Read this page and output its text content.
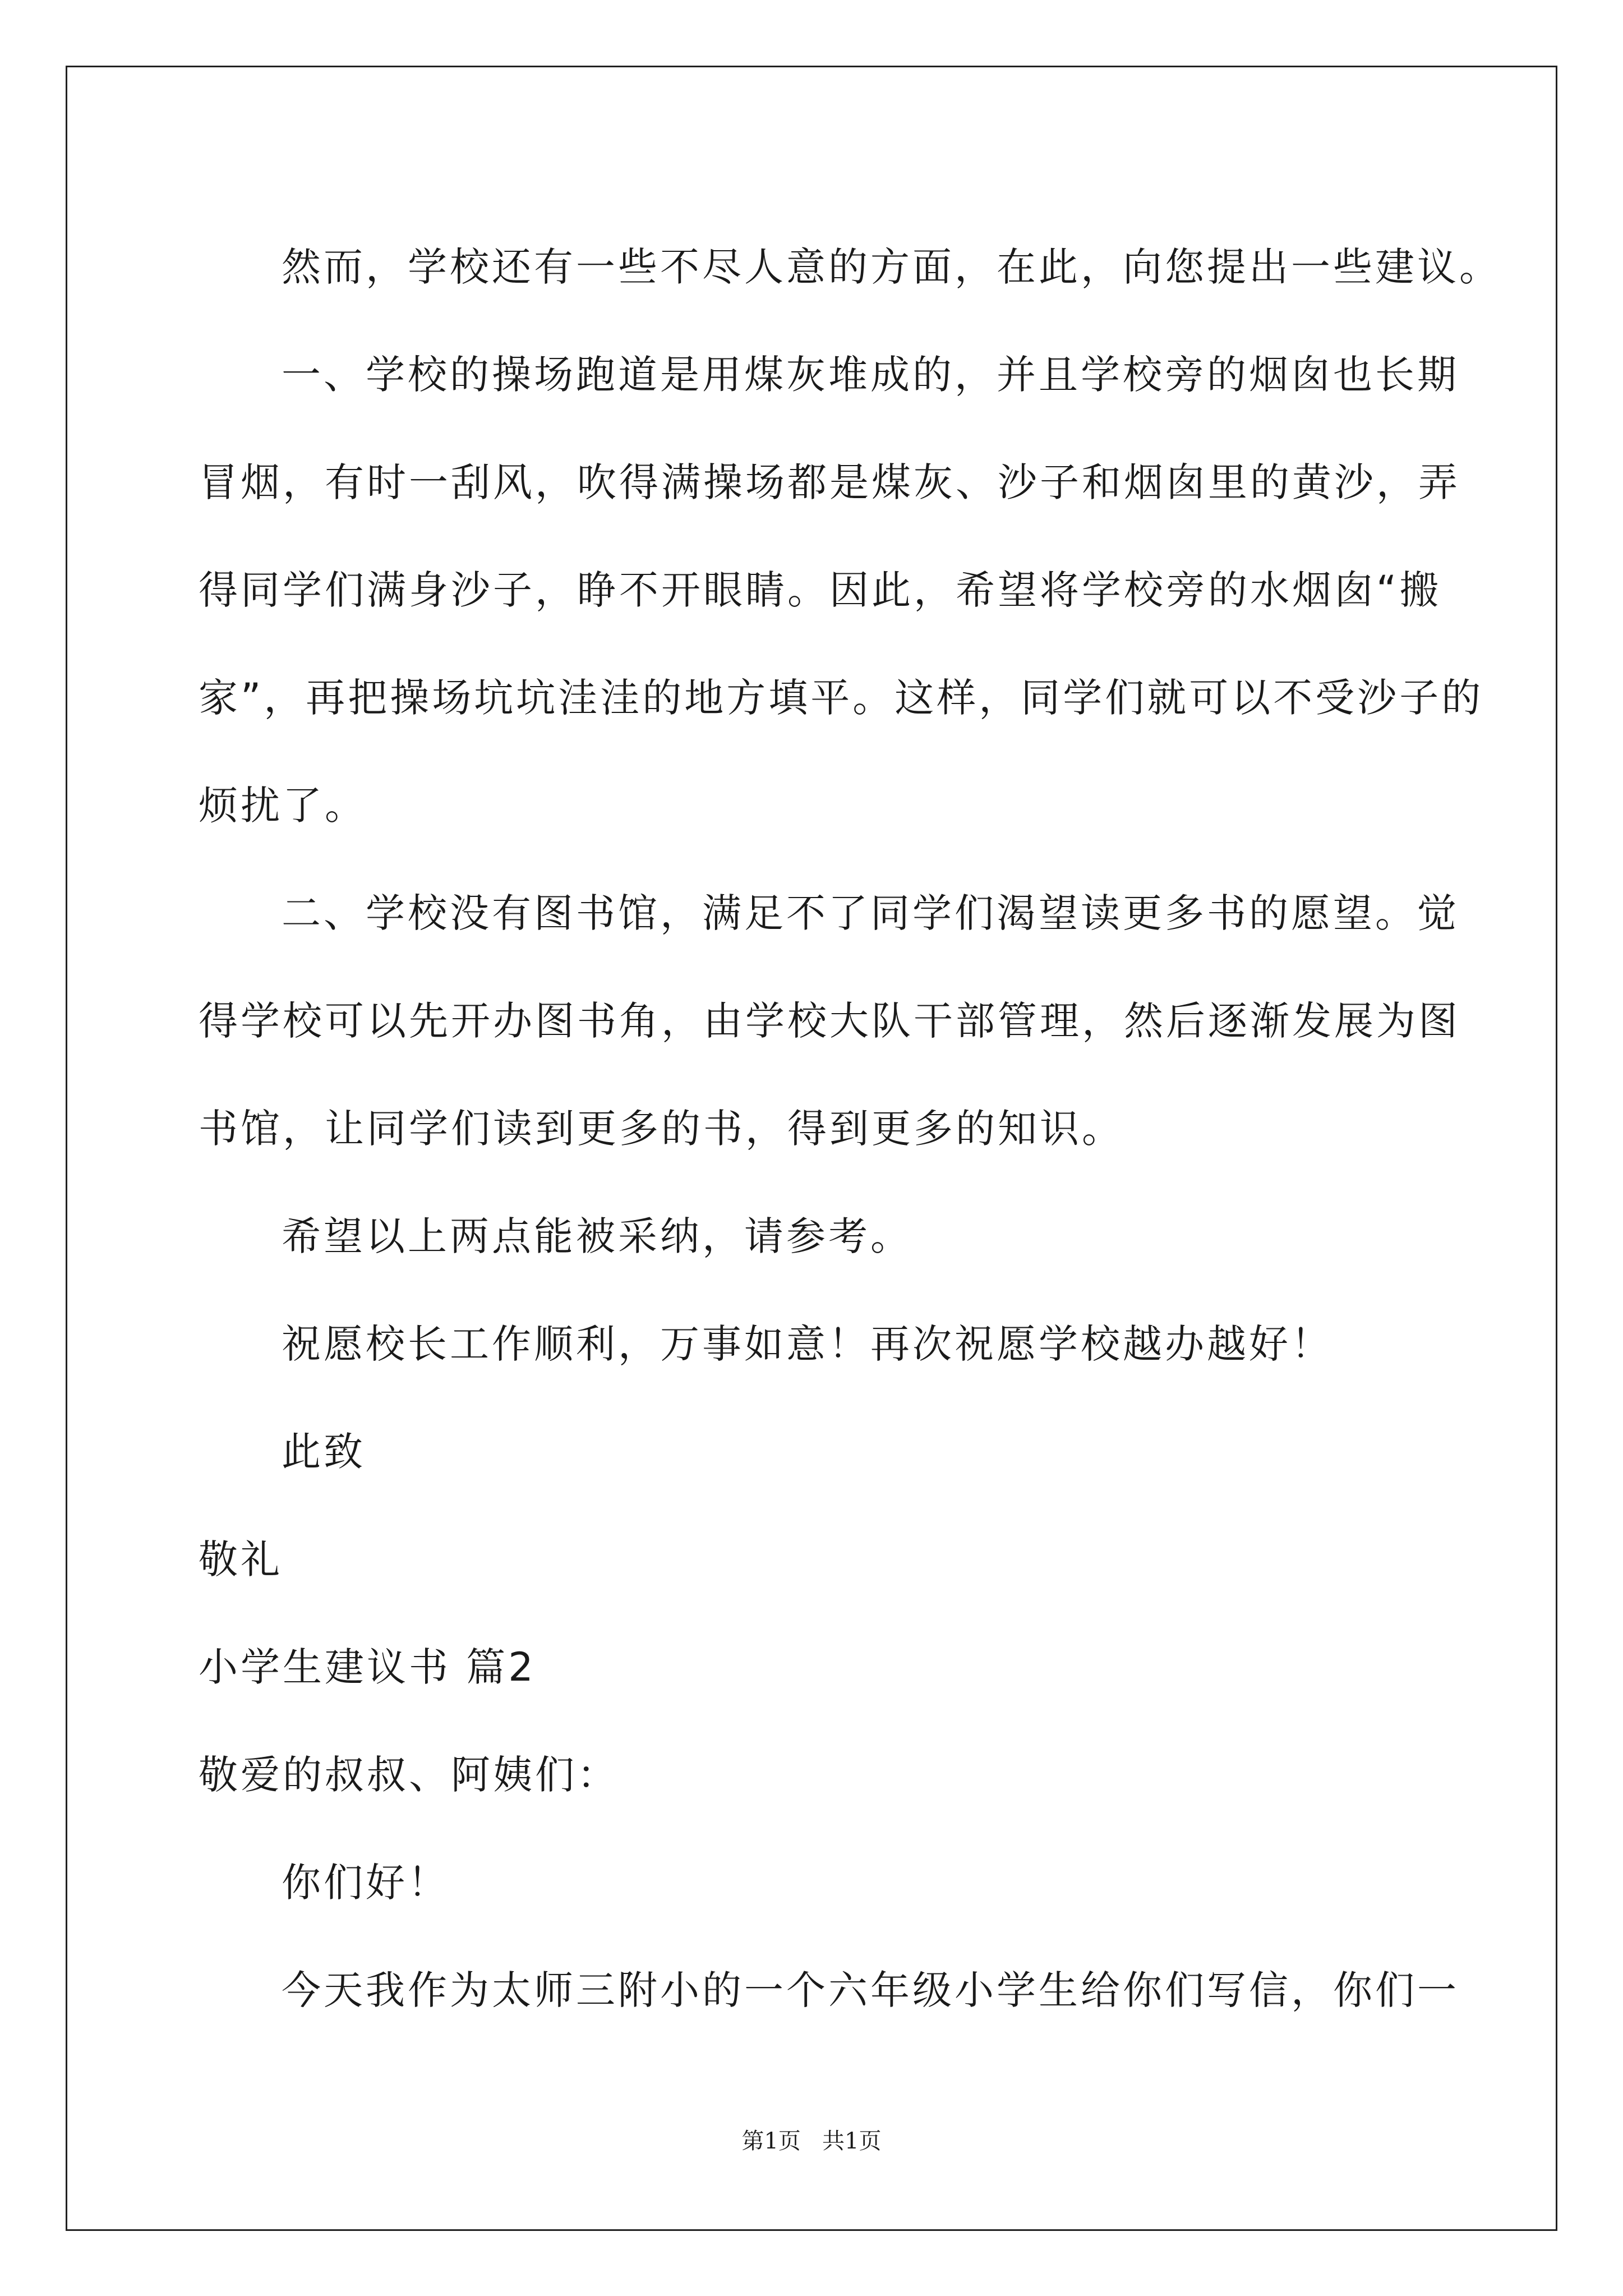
然而，学校还有一些不尽人意的方面，在此，向您提出一些建议。

一、学校的操场跑道是用煤灰堆成的，并且学校旁的烟囱也长期

冒烟，有时一刮风，吹得满操场都是煤灰、沙子和烟囱里的黄沙，弄

得同学们满身沙子，睁不开眼睛。因此，希望将学校旁的水烟囱“搬

家”，再把操场坑坑洼洼的地方填平。这样，同学们就可以不受沙子的

烦扰了。

二、学校没有图书馆，满足不了同学们渴望读更多书的愿望。觉

得学校可以先开办图书角，由学校大队干部管理，然后逐渐发展为图

书馆，让同学们读到更多的书，得到更多的知识。

希望以上两点能被采纳，请参考。

祝愿校长工作顺利，万事如意！再次祝愿学校越办越好！

此致

敬礼

小学生建议书 篇2

敬爱的叔叔、阿姨们：

你们好！

今天我作为太师三附小的一个六年级小学生给你们写信，你们一

第1页   共1页
